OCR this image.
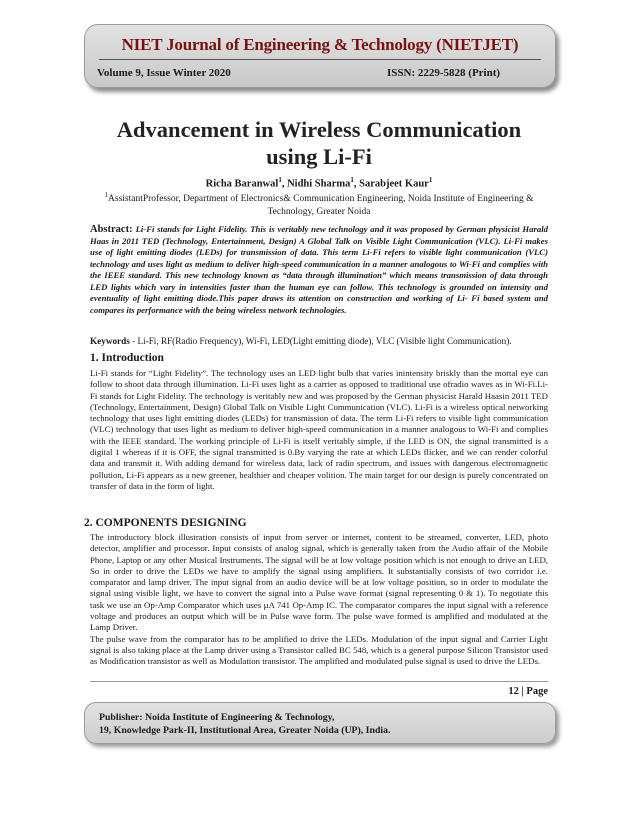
NIET Journal of Engineering & Technology (NIETJET)
Volume 9, Issue Winter 2020	ISSN: 2229-5828 (Print)
Advancement in Wireless Communication using Li-Fi
Richa Baranwal$^1$, Nidhi Sharma$^1$, Sarabjeet Kaur$^1$
$^1$AssistantProfessor, Department of Electronics& Communication Engineering, Noida Institute of Engineering & Technology, Greater Noida
Abstract: Li-Fi stands for Light Fidelity. This is veritably new technology and it was proposed by German physicist Harald Haas in 2011 TED (Technology, Entertainment, Design) A Global Talk on Visible Light Communication (VLC). Li-Fi makes use of light emitting diodes (LEDs) for transmission of data. This term Li-Fi refers to visible light communication (VLC) technology and uses light as medium to deliver high-speed communication in a manner analogous to Wi-Fi and complies with the IEEE standard. This new technology known as “data through illumination” which means transmission of data through LED lights which vary in intensities faster than the human eye can follow. This technology is grounded on intensity and eventuality of light emitting diode.This paper draws its attention on construction and working of Li- Fi based system and compares its performance with the being wireless network technologies.
Keywords - Li-Fi, RF(Radio Frequency), Wi-Fi, LED(Light emitting diode), VLC (Visible light Communication).
1. Introduction

Li-Fi stands for “Light Fidelity”. The technology uses an LED light bulb that varies inintensity briskly than the mortal eye can follow to shoot data through illumination. Li-Fi uses light as a carrier as opposed to traditional use ofradio waves as in Wi-Fi.Li-Fi stands for Light Fidelity. The technology is veritably new and was proposed by the German physicist Harald Haasin 2011 TED (Technology, Entertainment, Design) Global Talk on Visible Light Communication (VLC). Li-Fi is a wireless optical networking technology that uses light emitting diodes (LEDs) for transmission of data. The term Li-Fi refers to visible light communication (VLC) technology that uses light as medium to deliver high-speed communication in a manner analogous to Wi-Fi and complies with the IEEE standard. The working principle of Li-Fi is itself veritably simple, if the LED is ON, the signal transmitted is a digital 1 whereas if it is OFF, the signal transmitted is 0.By varying the rate at which LEDs flicker, and we can render colorful data and transmit it. With adding demand for wireless data, lack of radio spectrum, and issues with dangerous electromagnetic pollution, Li-Fi appears as a new greener, healthier and cheaper volition. The main target for our design is purely concentrated on transfer of data in the form of light.

2. COMPONENTS DESIGNING

The introductory block illustration consists of input from server or internet, content to be streamed, converter, LED, photo detector, amplifier and processor. Input consists of analog signal, which is generally taken from the Audio affair of the Mobile Phone, Laptop or any other Musical Instruments. The signal will be at low voltage position which is not enough to drive an LED, So in order to drive the LEDs we have to amplify the signal using amplifiers. It substantially consists of two corridor i.e. comparator and lamp driver. The input signal from an audio device will be at low voltage position, so in order to modulate the signal using visible light, we have to convert the signal into a Pulse wave format (signal representing 0 & 1). To negotiate this task we use an Op-Amp Comparator which uses µA 741 Op-Amp IC. The comparator compares the input signal with a reference voltage and produces an output which will be in Pulse wave form. The pulse wave formed is amplified and modulated at the Lamp Driver.

The pulse wave from the comparator has to be amplified to drive the LEDs. Modulation of the input signal and Carrier Light signal is also taking place at the Lamp driver using a Transistor called BC 548, which is a general purpose Silicon Transistor used as Modification transistor as well as Modulation transistor. The amplified and modulated pulse signal is used to drive the LEDs.

12 | Page
Publisher: Noida Institute of Engineering & Technology,
19, Knowledge Park-II, Institutional Area, Greater Noida (UP), India.
